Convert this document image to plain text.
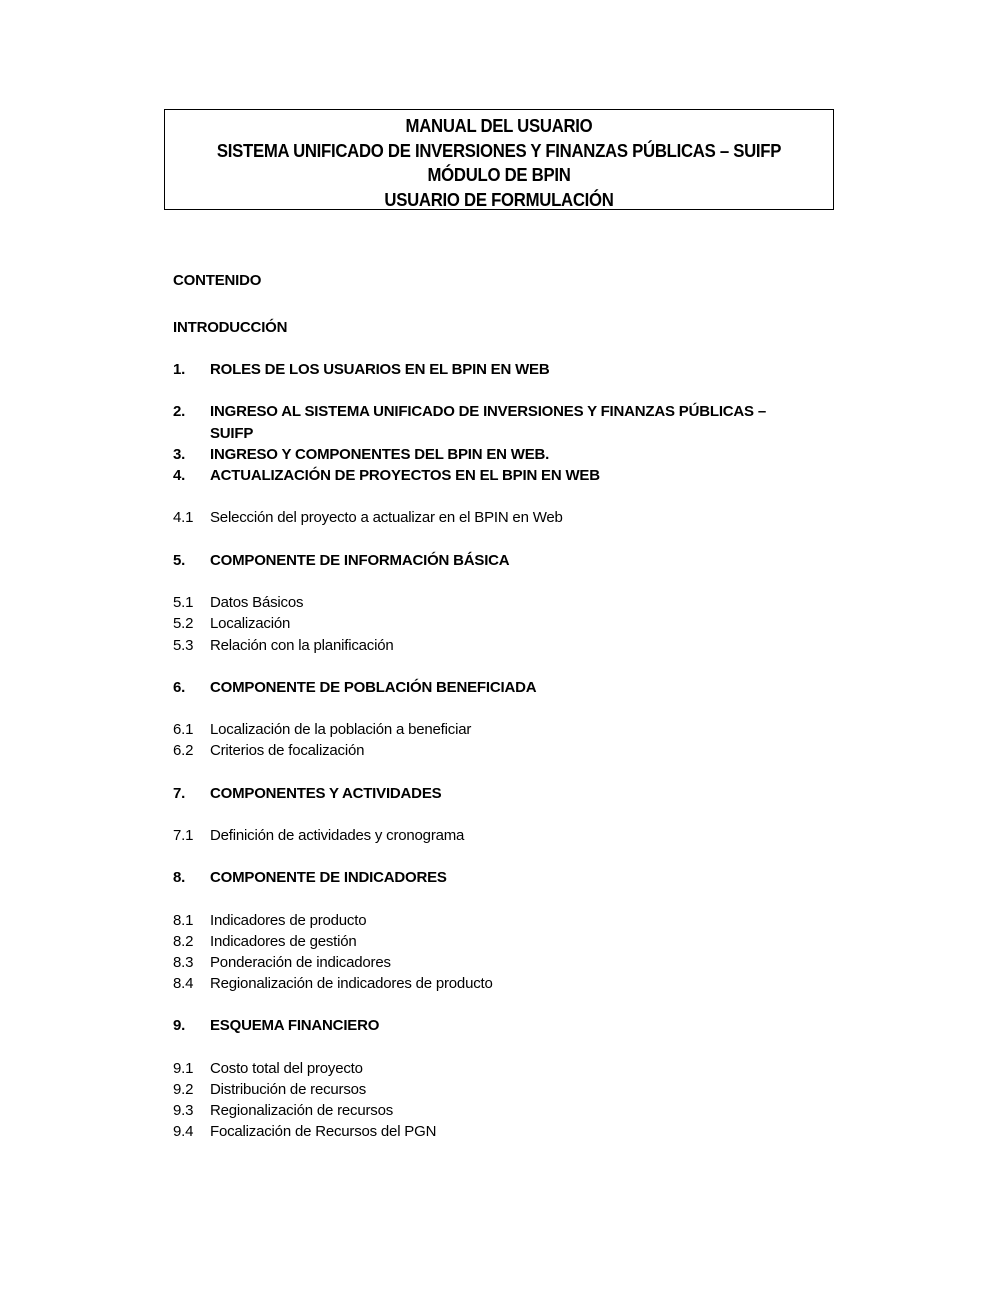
MANUAL DEL USUARIO
SISTEMA UNIFICADO DE INVERSIONES Y FINANZAS PÚBLICAS – SUIFP
MÓDULO DE BPIN
USUARIO DE FORMULACIÓN
CONTENIDO
INTRODUCCIÓN
1. ROLES DE LOS USUARIOS EN EL BPIN EN WEB
2. INGRESO AL SISTEMA UNIFICADO DE INVERSIONES Y FINANZAS PÚBLICAS – SUIFP
3. INGRESO Y COMPONENTES DEL BPIN EN WEB.
4. ACTUALIZACIÓN DE PROYECTOS EN EL BPIN EN WEB
4.1 Selección del proyecto a actualizar en el BPIN en Web
5. COMPONENTE DE INFORMACIÓN BÁSICA
5.1 Datos Básicos
5.2 Localización
5.3 Relación con la planificación
6. COMPONENTE DE POBLACIÓN BENEFICIADA
6.1 Localización de la población a beneficiar
6.2 Criterios de focalización
7. COMPONENTES Y ACTIVIDADES
7.1 Definición de actividades y cronograma
8. COMPONENTE DE INDICADORES
8.1 Indicadores de producto
8.2 Indicadores de gestión
8.3 Ponderación de indicadores
8.4 Regionalización de indicadores de producto
9. ESQUEMA FINANCIERO
9.1 Costo total del proyecto
9.2 Distribución de recursos
9.3 Regionalización de recursos
9.4 Focalización de Recursos del PGN
